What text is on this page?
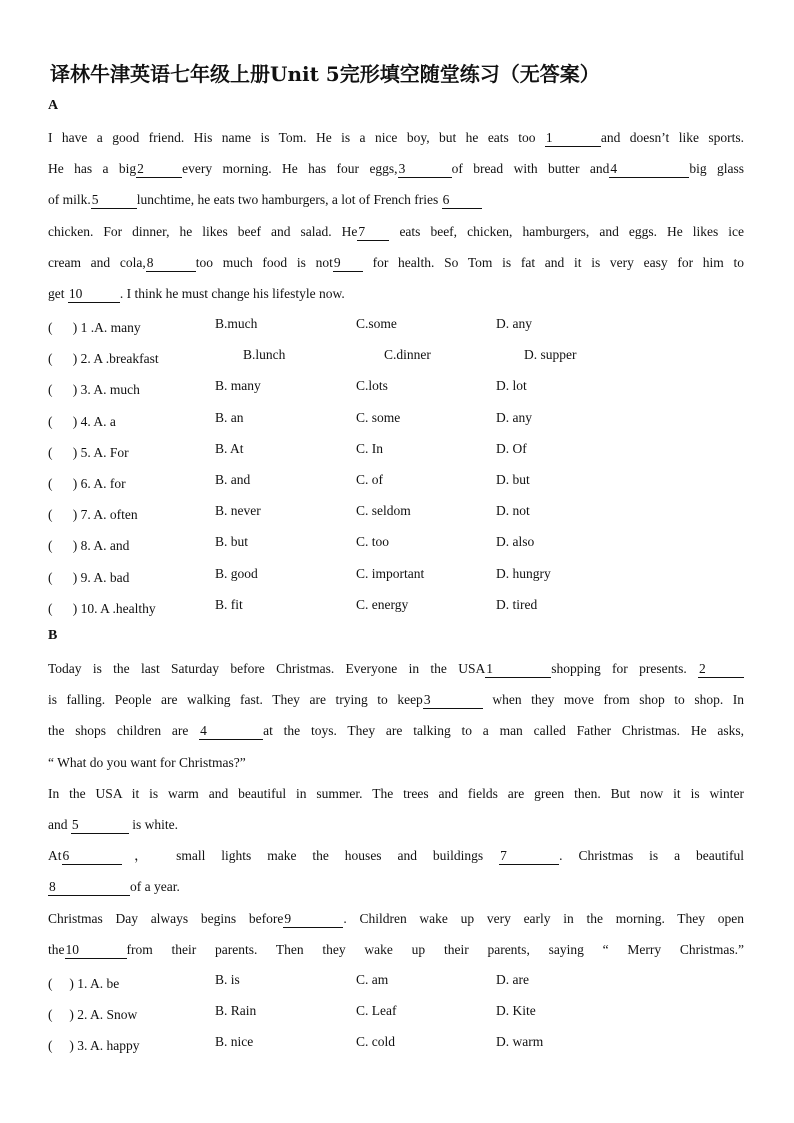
译林牛津英语七年级上册Unit 5完形填空随堂练习（无答案）
A
I have a good friend. His name is Tom. He is a nice boy, but he eats too 1	and doesn’t like sports.
He has a big2	every morning. He has four eggs,3	of bread with butter and4	big glass
of milk.5	lunchtime, he eats two hamburgers, a lot of French fries 6
chicken. For dinner, he likes beef and salad. He7 eats beef, chicken, hamburgers, and eggs. He likes ice
cream and cola,8	too much food is not9 for health. So Tom is fat and it is very easy for him to
get 10	. I think he must change his lifestyle now.
( 　 ) 1 .A. many	B.much	C.some	D. any
( 　 ) 2. A .breakfast	B.lunch	C.dinner	D. supper
( 　 ) 3. A. much	B. many	C.lots	D. lot
( 　 ) 4. A. a	B. an	C. some	D. any
( 　 ) 5. A. For	B. At	C. In	D. Of
( 　 ) 6. A. for	B. and	C. of	D. but
( 　 ) 7. A. often	B. never	C. seldom	D. not
( 　 ) 8. A. and	B. but	C. too	D. also
( 　 ) 9. A. bad	B. good	C. important	D. hungry
( 　 ) 10. A .healthy	B. fit	C. energy	D. tired
B
Today is the last Saturday before Christmas. Everyone in the USA1	shopping for presents. 2
is falling. People are walking fast. They are trying to keep3	when they move from shop to shop. In
the shops children are 4	at the toys. They are talking to a man called Father Christmas. He asks,
“ What do you want for Christmas?”
In the USA it is warm and beautiful in summer. The trees and fields are green then. But now it is winter
and 5	is white.
At6	， small lights make the houses and buildings 7	. Christmas is a beautiful
8	of a year.
Christmas Day always begins before9	. Children wake up very early in the morning. They open
the10	from their parents. Then they wake up their parents, saying “ Merry Christmas.”
( 　) 1. A. be	B. is	C. am	D. are
( 　) 2. A. Snow	B. Rain	C. Leaf	D. Kite
( 　) 3. A. happy	B. nice	C. cold	D. warm
